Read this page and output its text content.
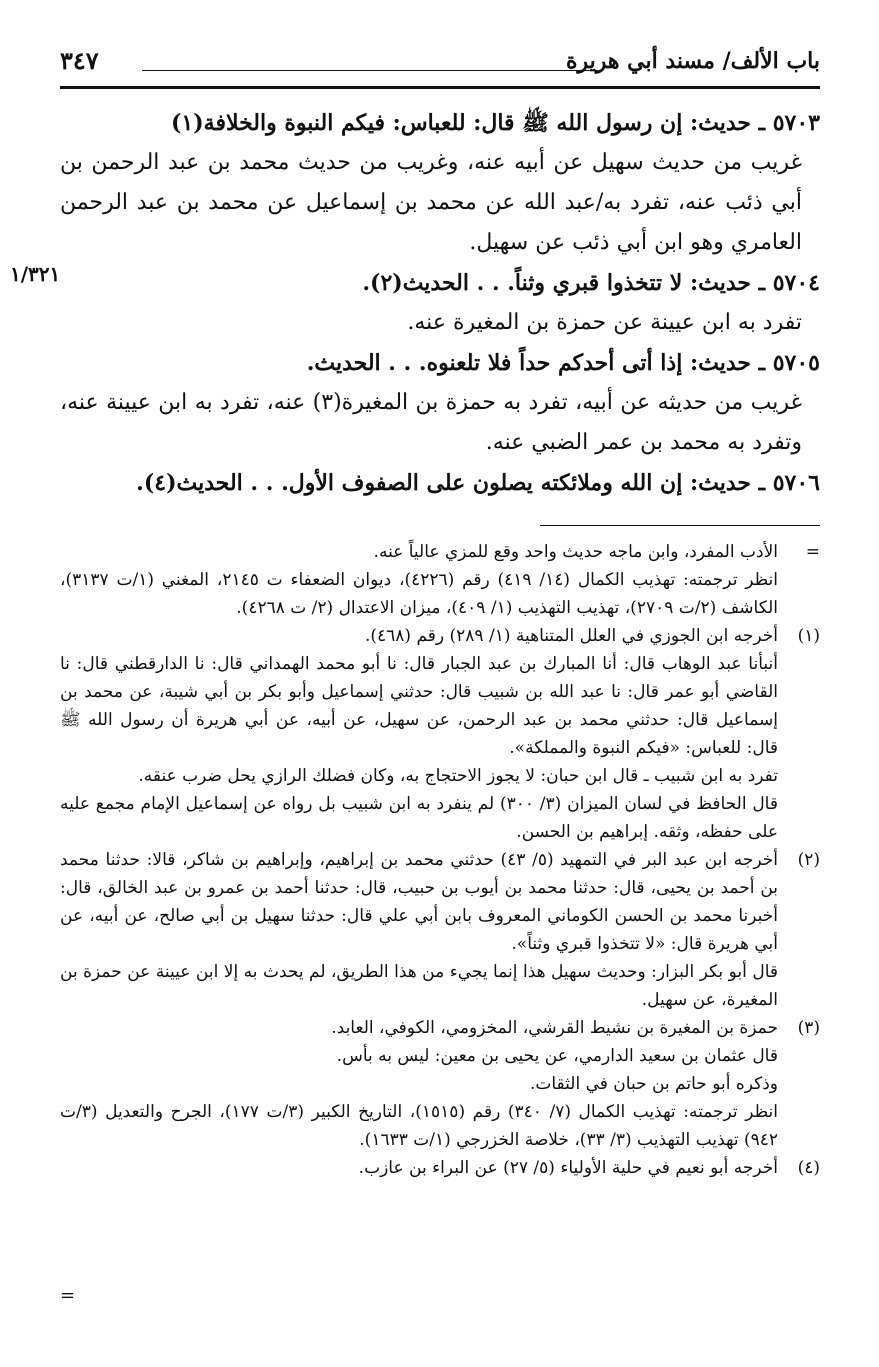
باب الألف/ مسند أبي هريرة
٣٤٧
١/٣٢١

٥٧٠٣ ـ حديث: إن رسول الله ﷺ قال: للعباس: فيكم النبوة والخلافة(١)

غريب من حديث سهيل عن أبيه عنه، وغريب من حديث محمد بن عبد الرحمن بن أبي ذئب عنه، تفرد به/عبد الله عن محمد بن إسماعيل عن محمد بن عبد الرحمن العامري وهو ابن أبي ذئب عن سهيل.

٥٧٠٤ ـ حديث: لا تتخذوا قبري وثناً. . . الحديث(٢).

تفرد به ابن عيينة عن حمزة بن المغيرة عنه.

٥٧٠٥ ـ حديث: إذا أتى أحدكم حداً فلا تلعنوه. . . الحديث.

غريب من حديثه عن أبيه، تفرد به حمزة بن المغيرة(٣) عنه، تفرد به ابن عيينة عنه، وتفرد به محمد بن عمر الضبي عنه.

٥٧٠٦ ـ حديث: إن الله وملائكته يصلون على الصفوف الأول. . . الحديث(٤).

=

الأدب المفرد، وابن ماجه حديث واحد وقع للمزي عالياً عنه.

انظر ترجمته: تهذيب الكمال (١٤/ ٤١٩) رقم (٤٢٢٦)، ديوان الضعفاء ت ٢١٤٥، المغني (١/ت ٣١٣٧)، الكاشف (٢/ت ٢٧٠٩)، تهذيب التهذيب (١/ ٤٠٩)، ميزان الاعتدال (٢/ ت ٤٢٦٨).

(١)

أخرجه ابن الجوزي في العلل المتناهية (١/ ٢٨٩) رقم (٤٦٨).

أنبأنا عبد الوهاب قال: أنا المبارك بن عبد الجبار قال: نا أبو محمد الهمداني قال: نا الدارقطني قال: نا القاضي أبو عمر قال: نا عبد الله بن شبيب قال: حدثني إسماعيل وأبو بكر بن أبي شيبة، عن محمد بن إسماعيل قال: حدثني محمد بن عبد الرحمن، عن سهيل، عن أبيه، عن أبي هريرة أن رسول الله ﷺ قال: للعباس: «فيكم النبوة والمملكة».

تفرد به ابن شبيب ـ قال ابن حبان: لا يجوز الاحتجاج به، وكان فضلك الرازي يحل ضرب عنقه.

قال الحافظ في لسان الميزان (٣/ ٣٠٠) لم ينفرد به ابن شبيب بل رواه عن إسماعيل الإمام مجمع عليه على حفظه، وثقه. إبراهيم بن الحسن.

(٢)

أخرجه ابن عبد البر في التمهيد (٥/ ٤٣) حدثني محمد بن إبراهيم، وإبراهيم بن شاكر، قالا: حدثنا محمد بن أحمد بن يحيى، قال: حدثنا محمد بن أيوب بن حبيب، قال: حدثنا أحمد بن عمرو بن عبد الخالق، قال: أخبرنا محمد بن الحسن الكوماني المعروف بابن أبي علي قال: حدثنا سهيل بن أبي صالح، عن أبيه، عن أبي هريرة قال: «لا تتخذوا قبري وثناً».

قال أبو بكر البزار: وحديث سهيل هذا إنما يجيء من هذا الطريق، لم يحدث به إلا ابن عيينة عن حمزة بن المغيرة، عن سهيل.

(٣)

حمزة بن المغيرة بن نشيط القرشي، المخزومي، الكوفي، العابد.

قال عثمان بن سعيد الدارمي، عن يحيى بن معين: ليس به بأس.

وذكره أبو حاتم بن حبان في الثقات.

انظر ترجمته: تهذيب الكمال (٧/ ٣٤٠) رقم (١٥١٥)، التاريخ الكبير (٣/ت ١٧٧)، الجرح والتعديل (٣/ت ٩٤٢) تهذيب التهذيب (٣/ ٣٣)، خلاصة الخزرجي (١/ت ١٦٣٣).

(٤)

أخرجه أبو نعيم في حلية الأولياء (٥/ ٢٧) عن البراء بن عازب.

=
